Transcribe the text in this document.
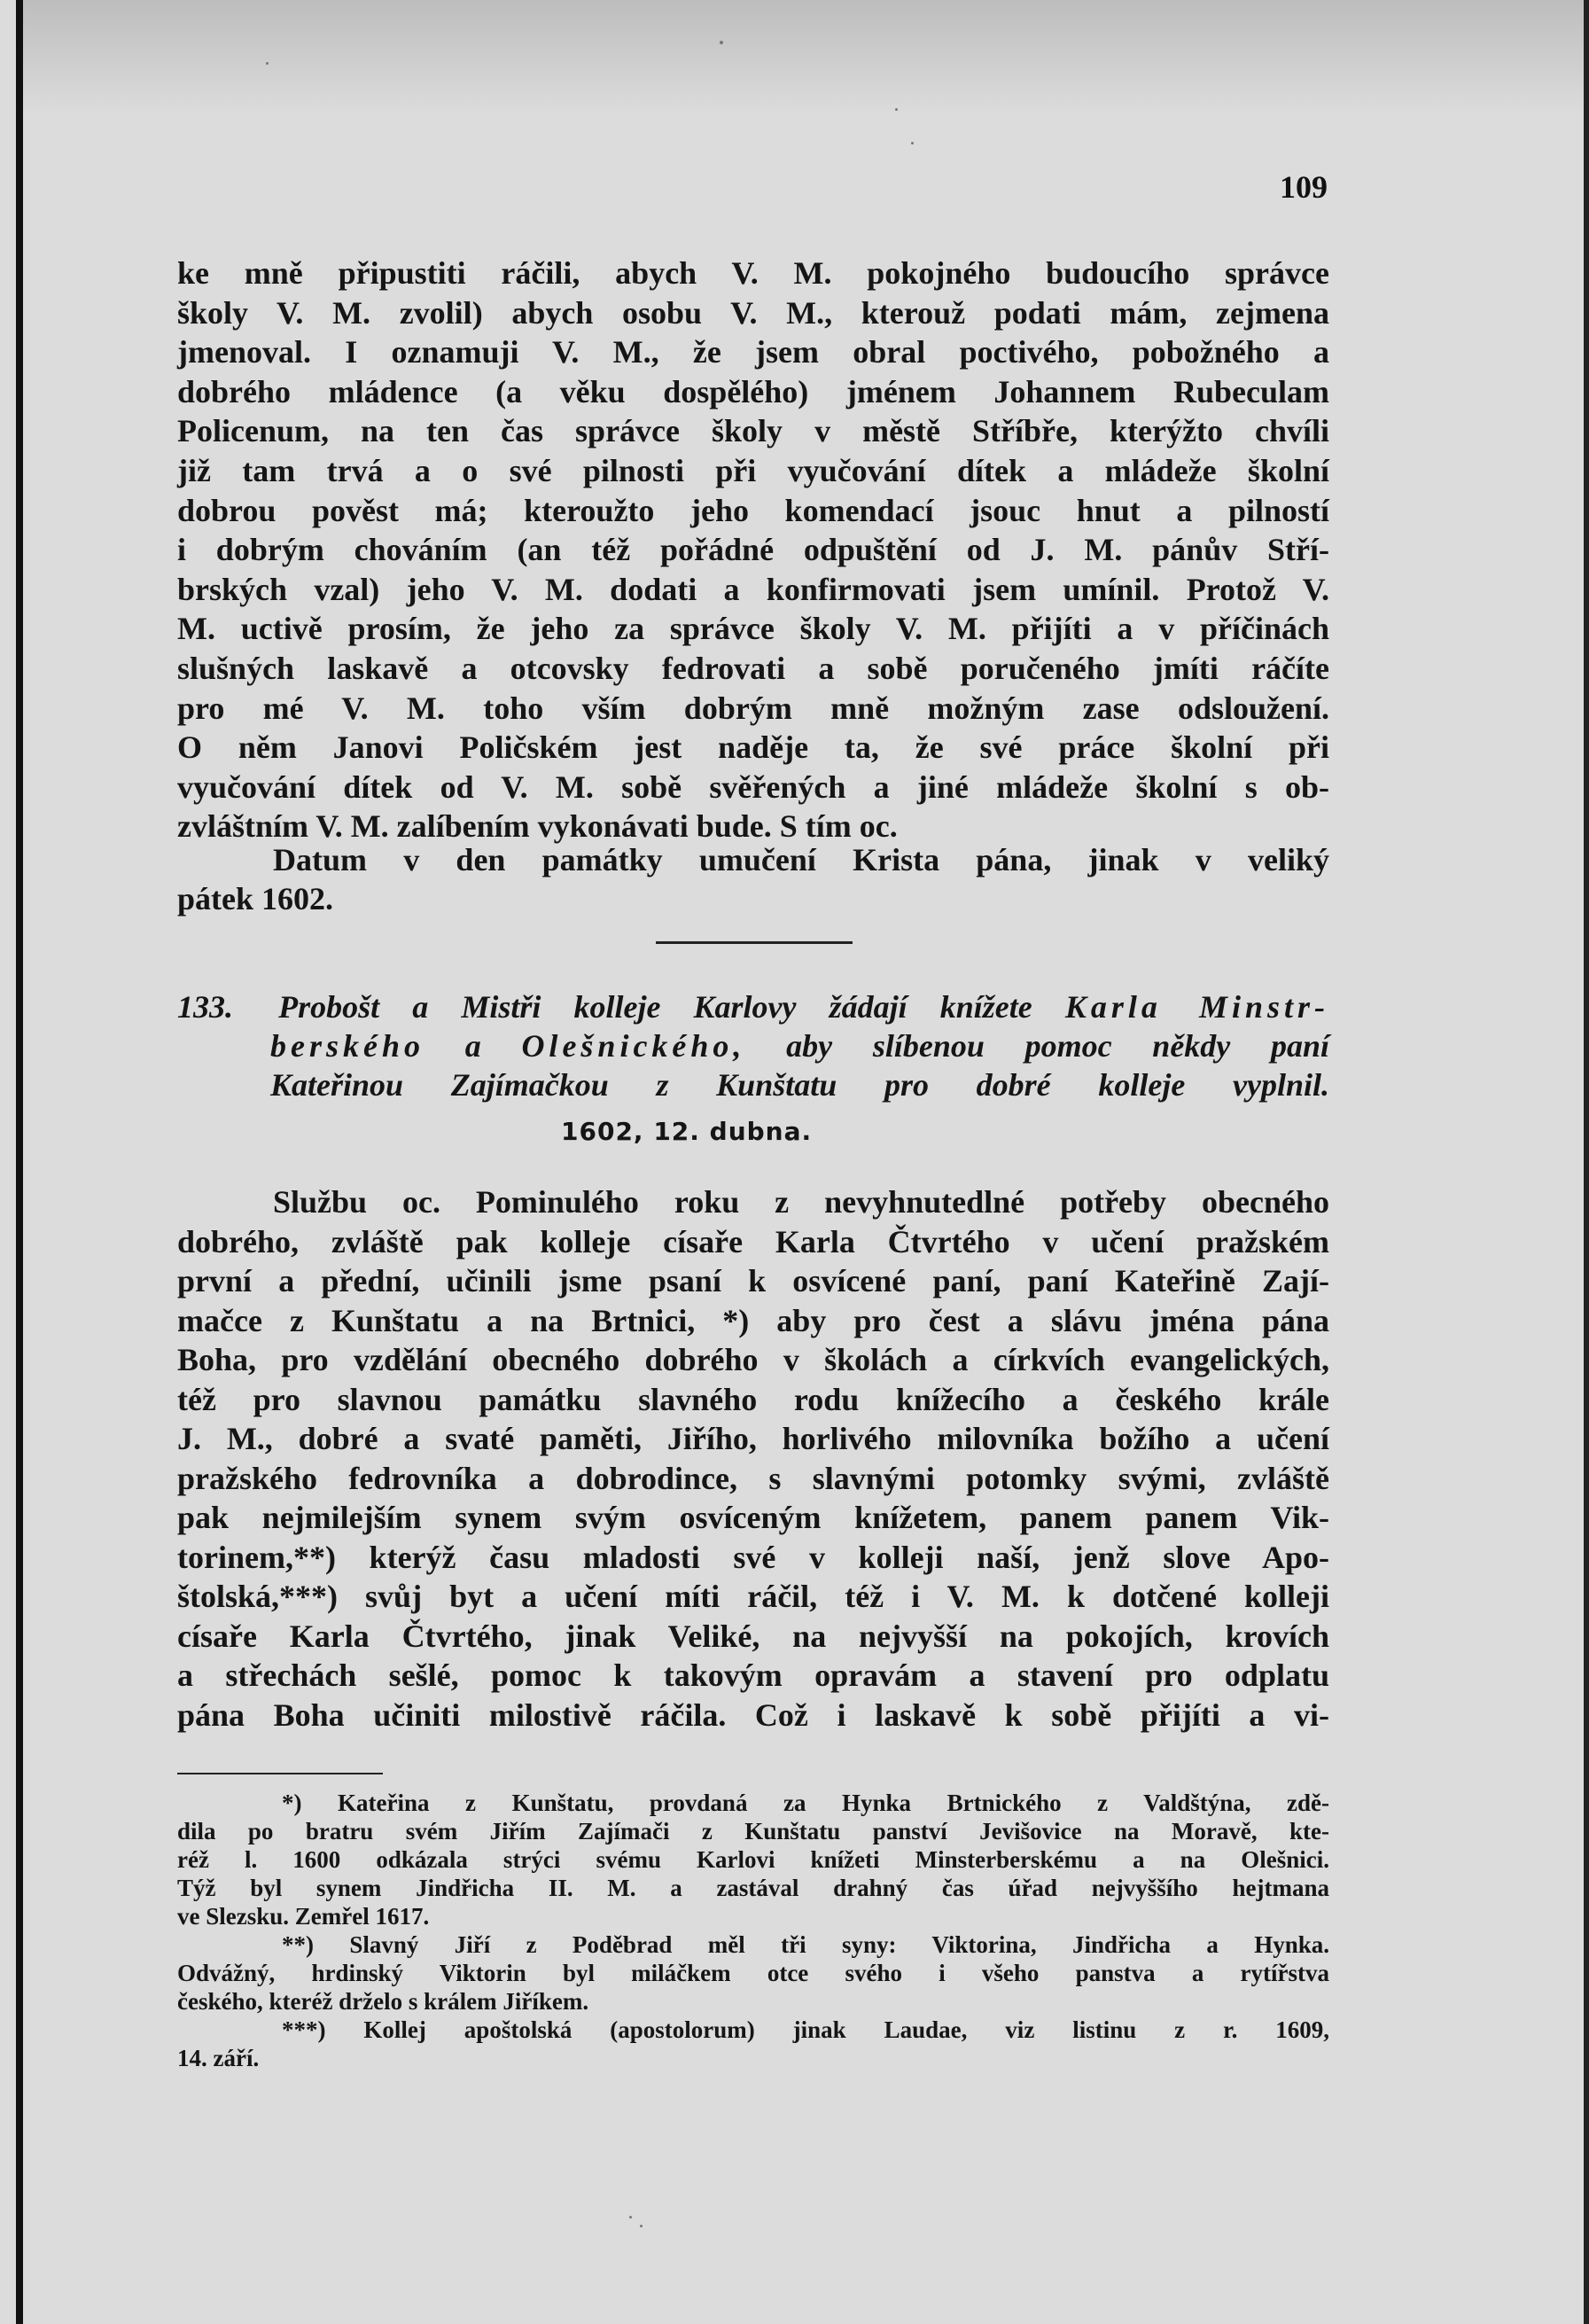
109
ke mně připustiti ráčili, abych V. M. pokojného budoucího správce
školy V. M. zvolil) abych osobu V. M., kterouž podati mám, zejmena
jmenoval. I oznamuji V. M., že jsem obral poctivého, pobožného a
dobrého mládence (a věku dospělého) jménem Johannem Rubeculam
Policenum, na ten čas správce školy v městě Stříbře, kterýžto chvíli
již tam trvá a o své pilnosti při vyučování dítek a mládeže školní
dobrou pověst má; kteroužto jeho komendací jsouc hnut a pilností
i dobrým chováním (an též pořádné odpuštění od J. M. pánův Stří-
brských vzal) jeho V. M. dodati a konfirmovati jsem umínil. Protož V.
M. uctivě prosím, že jeho za správce školy V. M. přijíti a v příčinách
slušných laskavě a otcovsky fedrovati a sobě poručeného jmíti ráčíte
pro mé V. M. toho vším dobrým mně možným zase odsloužení.
O něm Janovi Poličském jest naděje ta, že své práce školní při
vyučování dítek od V. M. sobě svěřených a jiné mládeže školní s ob-
zvláštním V. M. zalíbením vykonávati bude. S tím oc.
Datum v den památky umučení Krista pána, jinak v veliký
pátek 1602.
133. Probošt a Mistři kolleje Karlovy žádají knížete Karla Minstr-
berského a Olešnického, aby slíbenou pomoc někdy paní
Kateřinou Zajímačkou z Kunštatu pro dobré kolleje vyplnil.
1602, 12. dubna.
Službu oc. Pominulého roku z nevyhnutedlné potřeby obecného
dobrého, zvláště pak kolleje císaře Karla Čtvrtého v učení pražském
první a přední, učinili jsme psaní k osvícené paní, paní Kateřině Zají-
mačce z Kunštatu a na Brtnici, *) aby pro čest a slávu jména pána
Boha, pro vzdělání obecného dobrého v školách a církvích evangelických,
též pro slavnou památku slavného rodu knížecího a českého krále
J. M., dobré a svaté paměti, Jiřího, horlivého milovníka božího a učení
pražského fedrovníka a dobrodince, s slavnými potomky svými, zvláště
pak nejmilejším synem svým osvíceným knížetem, panem panem Vik-
torinem,**) kterýž času mladosti své v kolleji naší, jenž slove Apo-
štolská,***) svůj byt a učení míti ráčil, též i V. M. k dotčené kolleji
císaře Karla Čtvrtého, jinak Veliké, na nejvyšší na pokojích, krovích
a střechách sešlé, pomoc k takovým opravám a stavení pro odplatu
pána Boha učiniti milostivě ráčila. Což i laskavě k sobě přijíti a vi-
*) Kateřina z Kunštatu, provdaná za Hynka Brtnického z Valdštýna, zdě-
dila po bratru svém Jiřím Zajímači z Kunštatu panství Jevišovice na Moravě, kte-
réž l. 1600 odkázala strýci svému Karlovi knížeti Minsterberskému a na Olešnici.
Týž byl synem Jindřicha II. M. a zastával drahný čas úřad nejvyššího hejtmana
ve Slezsku. Zemřel 1617.
**) Slavný Jiří z Poděbrad měl tři syny: Viktorina, Jindřicha a Hynka.
Odvážný, hrdinský Viktorin byl miláčkem otce svého i všeho panstva a rytířstva
českého, kteréž drželo s králem Jiříkem.
***) Kollej apoštolská (apostolorum) jinak Laudae, viz listinu z r. 1609,
14. září.
